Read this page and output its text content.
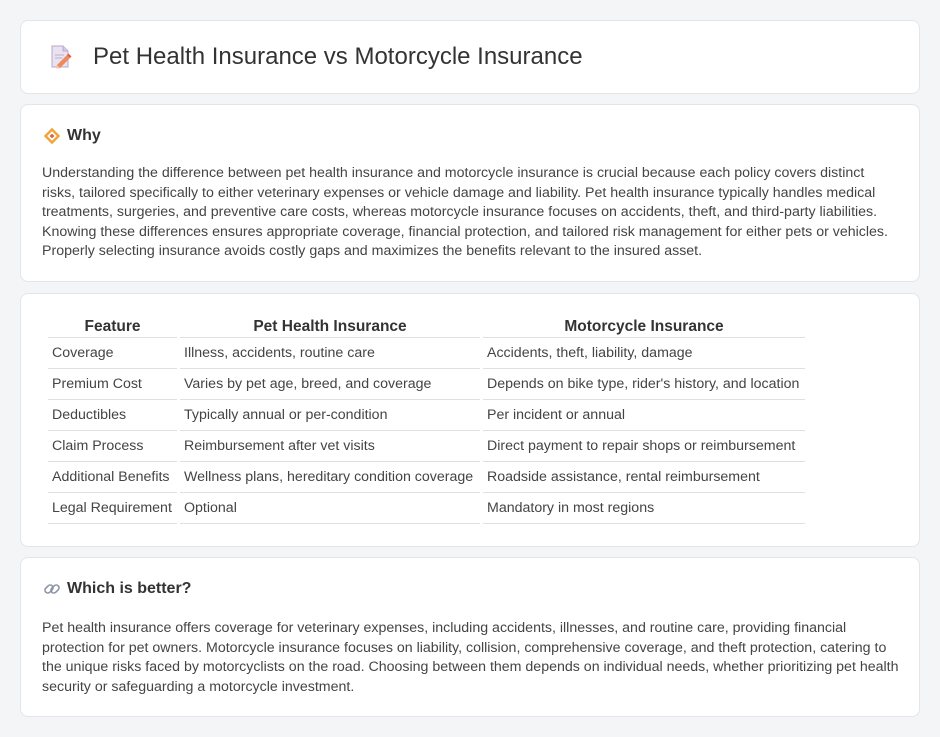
Pet Health Insurance vs Motorcycle Insurance
Why

Understanding the difference between pet health insurance and motorcycle insurance is crucial because each policy covers distinct risks, tailored specifically to either veterinary expenses or vehicle damage and liability. Pet health insurance typically handles medical treatments, surgeries, and preventive care costs, whereas motorcycle insurance focuses on accidents, theft, and third-party liabilities. Knowing these differences ensures appropriate coverage, financial protection, and tailored risk management for either pets or vehicles. Properly selecting insurance avoids costly gaps and maximizes the benefits relevant to the insured asset.

Feature	Pet Health Insurance	Motorcycle Insurance
Coverage	Illness, accidents, routine care	Accidents, theft, liability, damage
Premium Cost	Varies by pet age, breed, and coverage	Depends on bike type, rider's history, and location
Deductibles	Typically annual or per-condition	Per incident or annual
Claim Process	Reimbursement after vet visits	Direct payment to repair shops or reimbursement
Additional Benefits	Wellness plans, hereditary condition coverage	Roadside assistance, rental reimbursement
Legal Requirement	Optional	Mandatory in most regions
Which is better?

Pet health insurance offers coverage for veterinary expenses, including accidents, illnesses, and routine care, providing financial protection for pet owners. Motorcycle insurance focuses on liability, collision, comprehensive coverage, and theft protection, catering to the unique risks faced by motorcyclists on the road. Choosing between them depends on individual needs, whether prioritizing pet health security or safeguarding a motorcycle investment.
